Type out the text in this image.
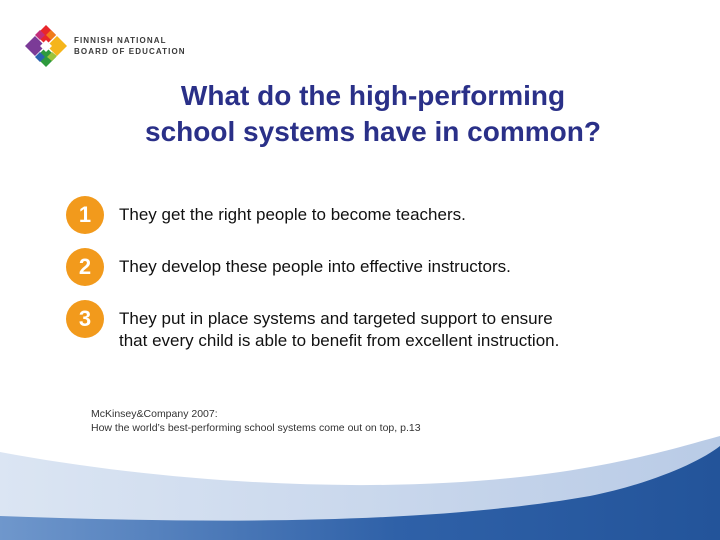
FINNISH NATIONAL
BOARD OF EDUCATION
What do the high-performing
school systems have in common?
1	They get the right people to become teachers.
2	They develop these people into effective instructors.
3	They put in place systems and targeted support to ensure
that every child is able to benefit from excellent instruction.
McKinsey&Company 2007:
How the world’s best-performing school systems come out on top, p.13
